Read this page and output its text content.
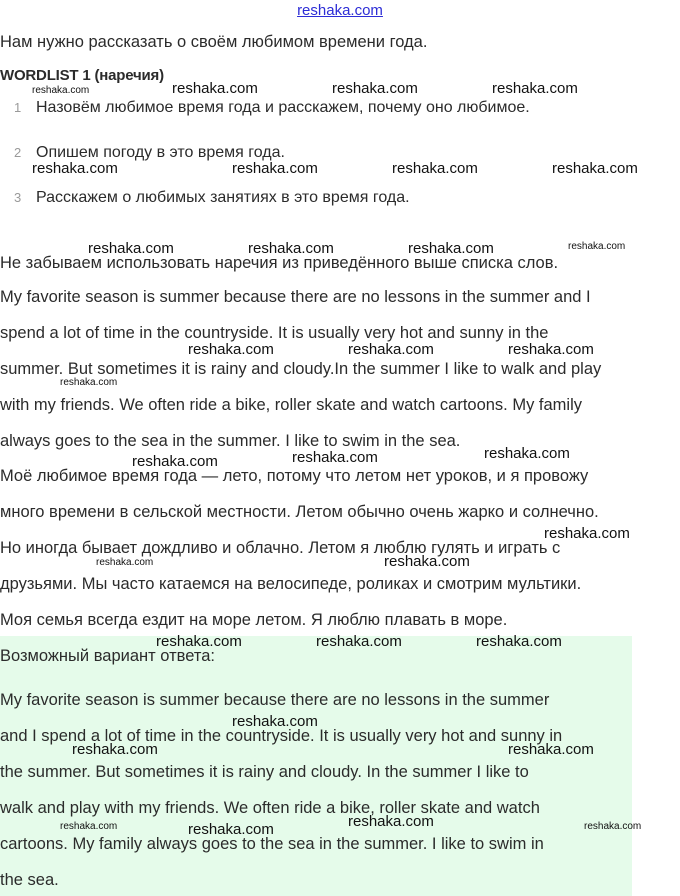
reshaka.com

Нам нужно рассказать о своём любимом времени года.

WORDLIST 1 (наречия)
1 Назовём любимое время года и расскажем, почему оно любимое.
2 Опишем погоду в это время года.
3 Расскажем о любимых занятиях в это время года.

Не забываем использовать наречия из приведённого выше списка слов.

My favorite season is summer because there are no lessons in the summer and I

spend a lot of time in the countryside. It is usually very hot and sunny in the

summer. But sometimes it is rainy and cloudy.In the summer I like to walk and play

with my friends. We often ride a bike, roller skate and watch cartoons. My family

always goes to the sea in the summer. I like to swim in the sea.

Моё любимое время года — лето, потому что летом нет уроков, и я провожу

много времени в сельской местности. Летом обычно очень жарко и солнечно.

Но иногда бывает дождливо и облачно. Летом я люблю гулять и играть с

друзьями. Мы часто катаемся на велосипеде, роликах и смотрим мультики.

Моя семья всегда ездит на море летом. Я люблю плавать в море.

Возможный вариант ответа:

My favorite season is summer because there are no lessons in the summer

and I spend a lot of time in the countryside. It is usually very hot and sunny in

the summer. But sometimes it is rainy and cloudy. In the summer I like to

walk and play with my friends. We often ride a bike, roller skate and watch

cartoons. My family always goes to the sea in the summer. I like to swim in

the sea.

reshaka.com	reshaka.com	reshaka.com	reshaka.com
reshaka.com	reshaka.com	reshaka.com	reshaka.com
reshaka.com	reshaka.com	reshaka.com	reshaka.com
reshaka.com	reshaka.com	reshaka.com
reshaka.com
reshaka.com
reshaka.com
reshaka.com
reshaka.com
reshaka.com
reshaka.com
reshaka.com	reshaka.com	reshaka.com
reshaka.com
reshaka.com	reshaka.com
reshaka.com
reshaka.com
reshaka.com	reshaka.com
